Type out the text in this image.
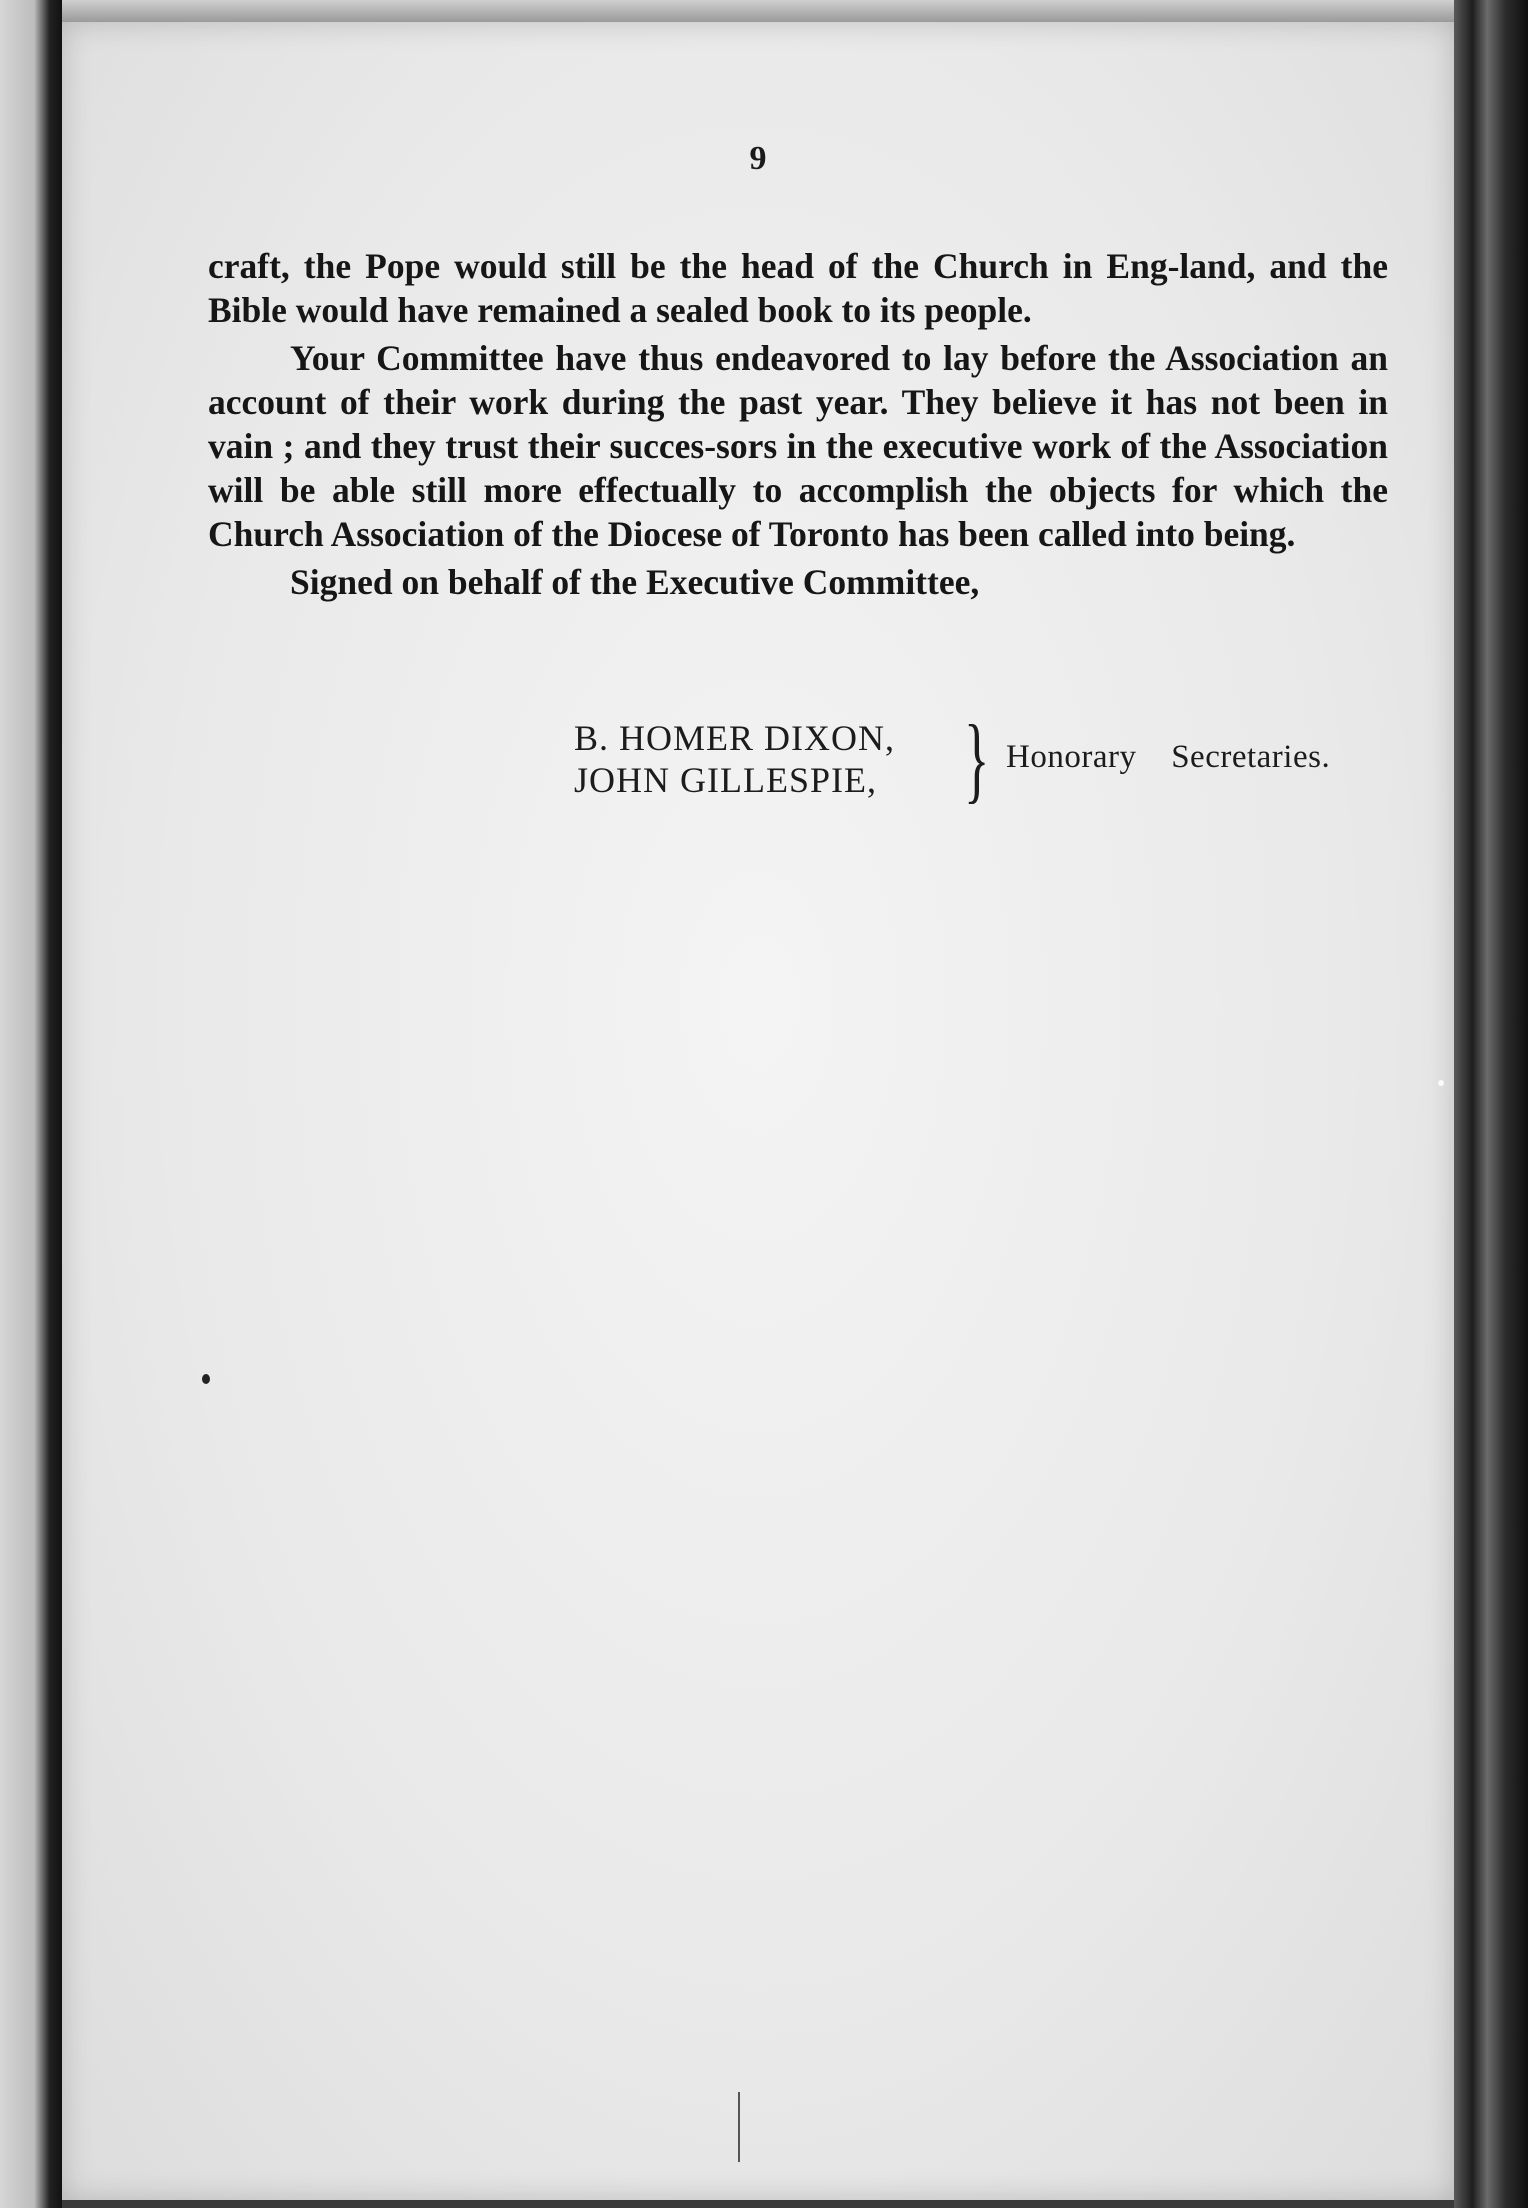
9

craft, the Pope would still be the head of the Church in Eng-land, and the Bible would have remained a sealed book to its people.

Your Committee have thus endeavored to lay before the Association an account of their work during the past year. They believe it has not been in vain ; and they trust their succes-sors in the executive work of the Association will be able still more effectually to accomplish the objects for which the Church Association of the Diocese of Toronto has been called into being.

Signed on behalf of the Executive Committee,

B. HOMER DIXON,
JOHN GILLESPIE, } Honorary Secretaries.
